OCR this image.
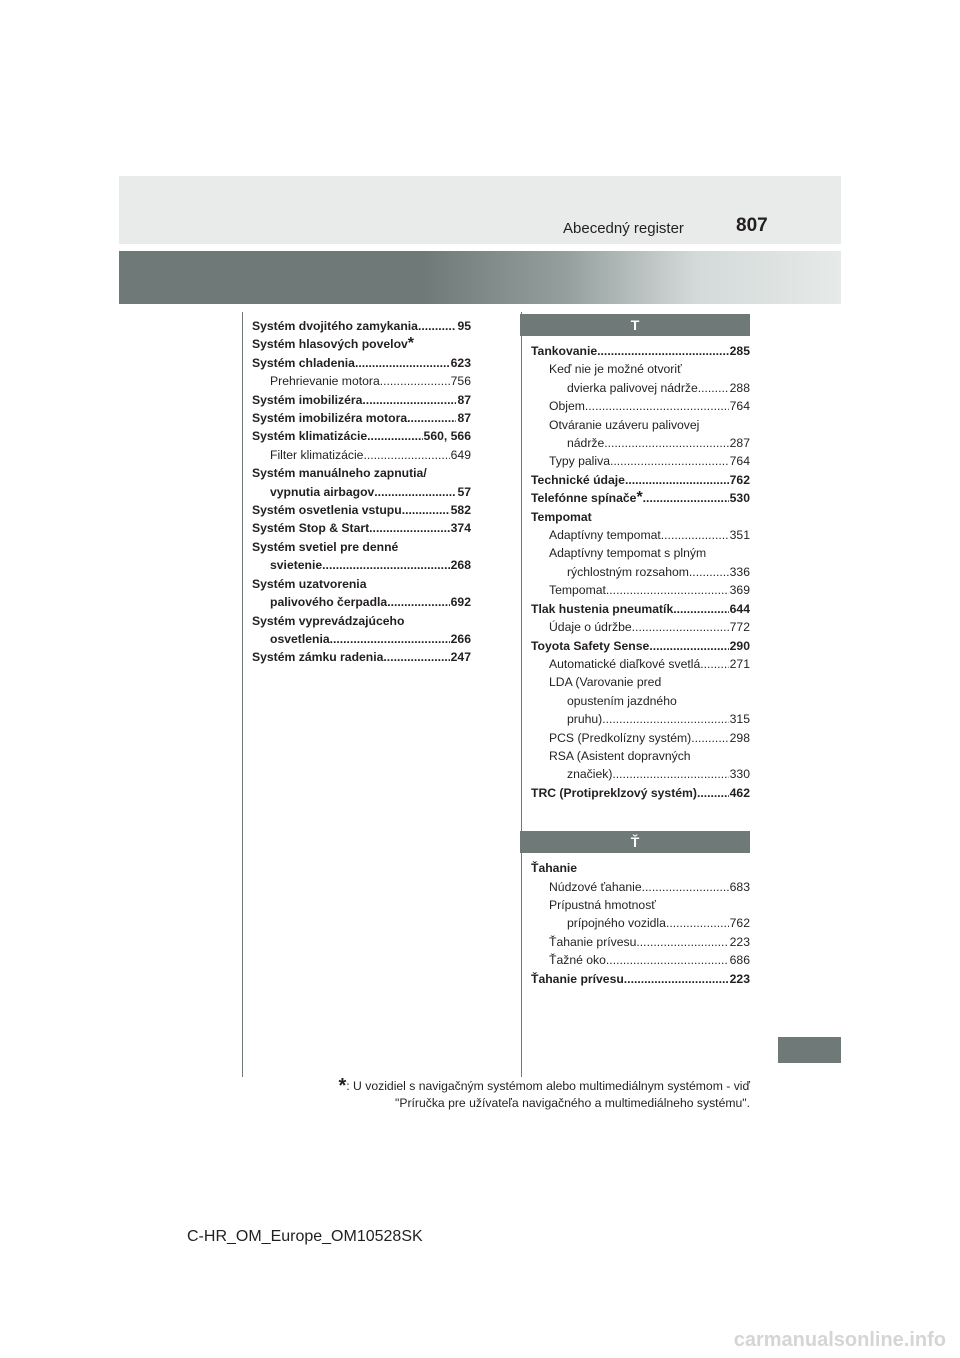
Abecedný register	807
Systém dvojitého zamykania .....	95
Systém hlasových povelov *
Systém chladenia .....	623
Prehrievanie motora .....	756
Systém imobilizéra .....	87
Systém imobilizéra motora .....	87
Systém klimatizácie .....	560, 566
Filter klimatizácie .....	649
Systém manuálneho zapnutia/
vypnutia airbagov .....	57
Systém osvetlenia vstupu .....	582
Systém Stop & Start .....	374
Systém svetiel pre denné
svietenie .....	268
Systém uzatvorenia
palivového čerpadla .....	692
Systém vyprevádzajúceho
osvetlenia .....	266
Systém zámku radenia .....	247
T
Tankovanie .....	285
Keď nie je možné otvoriť
dvierka palivovej nádrže .....	288
Objem .....	764
Otváranie uzáveru palivovej
nádrže .....	287
Typy paliva .....	764
Technické údaje .....	762
Telefónne spínače * .....	530
Tempomat
Adaptívny tempomat .....	351
Adaptívny tempomat s plným
rýchlostným rozsahom .....	336
Tempomat .....	369
Tlak hustenia pneumatík .....	644
Údaje o údržbe .....	772
Toyota Safety Sense .....	290
Automatické diaľkové svetlá ..... 271
LDA (Varovanie pred
opustením jazdného
pruhu) .....	315
PCS (Predkolízny systém) .....	298
RSA (Asistent dopravných
značiek) .....	330
TRC (Protipreklzový systém) .....	462
Ť
Ťahanie
Núdzové ťahanie .....	683
Prípustná hmotnosť
prípojného vozidla .....	762
Ťahanie prívesu .....	223
Ťažné oko .....	686
Ťahanie prívesu .....	223
*: U vozidiel s navigačným systémom alebo multimediálnym systémom - viď
"Príručka pre užívateľa navigačného a multimediálneho systému".
C-HR_OM_Europe_OM10528SK
carmanualsonline.info
